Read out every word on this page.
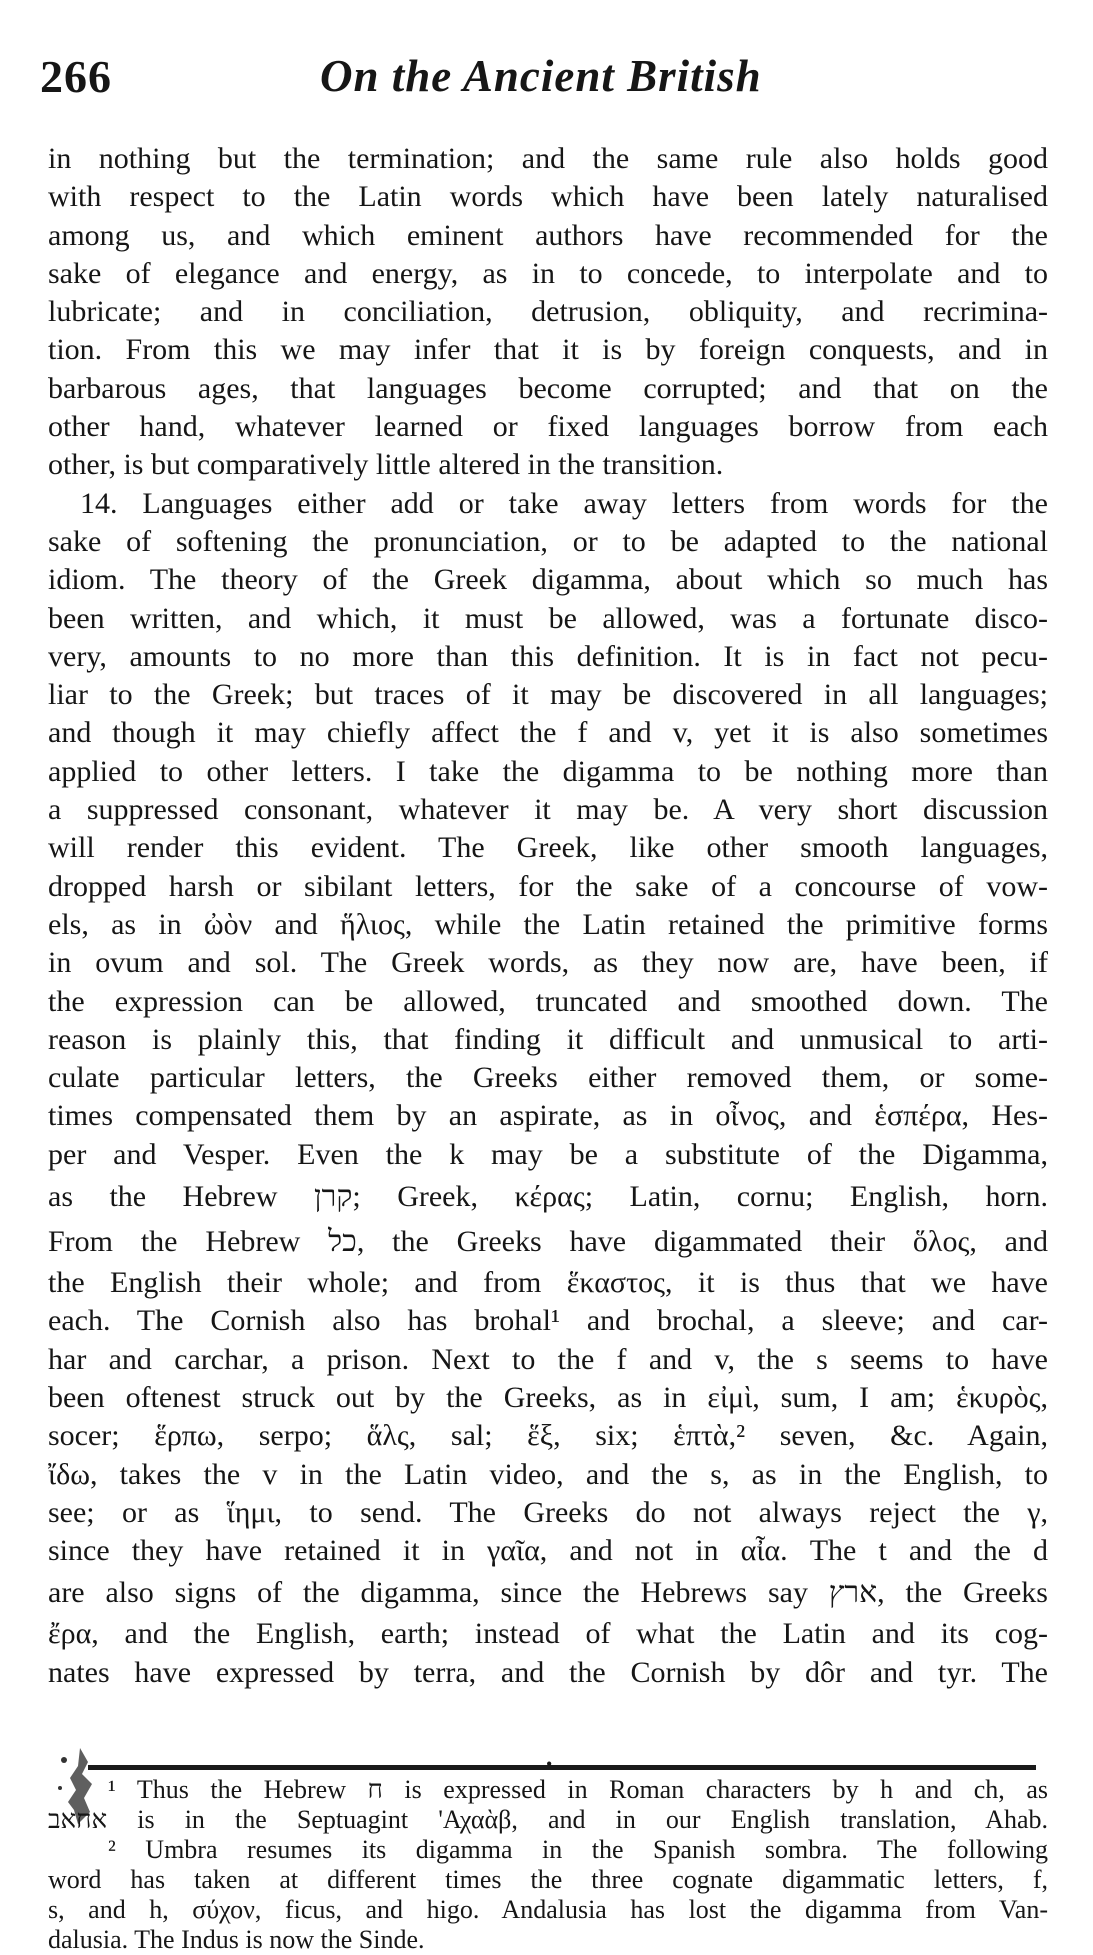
266	On the Ancient British
in nothing but the termination; and the same rule also holds good
with respect to the Latin words which have been lately naturalised
among us, and which eminent authors have recommended for the
sake of elegance and energy, as in to concede, to interpolate and to
lubricate; and in conciliation, detrusion, obliquity, and recrimina-
tion. From this we may infer that it is by foreign conquests, and in
barbarous ages, that languages become corrupted; and that on the
other hand, whatever learned or fixed languages borrow from each
other, is but comparatively little altered in the transition.
14. Languages either add or take away letters from words for the
sake of softening the pronunciation, or to be adapted to the national
idiom. The theory of the Greek digamma, about which so much has
been written, and which, it must be allowed, was a fortunate disco-
very, amounts to no more than this definition. It is in fact not pecu-
liar to the Greek; but traces of it may be discovered in all languages;
and though it may chiefly affect the f and v, yet it is also sometimes
applied to other letters. I take the digamma to be nothing more than
a suppressed consonant, whatever it may be. A very short discussion
will render this evident. The Greek, like other smooth languages,
dropped harsh or sibilant letters, for the sake of a concourse of vow-
els, as in ὠὸν and ἥλιος, while the Latin retained the primitive forms
in ovum and sol. The Greek words, as they now are, have been, if
the expression can be allowed, truncated and smoothed down. The
reason is plainly this, that finding it difficult and unmusical to arti-
culate particular letters, the Greeks either removed them, or some-
times compensated them by an aspirate, as in οἶνος, and ἑσπέρα, Hes-
per and Vesper. Even the k may be a substitute of the Digamma,
as the Hebrew קרן; Greek, κέρας; Latin, cornu; English, horn.
From the Hebrew כל, the Greeks have digammated their ὅλος, and
the English their whole; and from ἕκαστος, it is thus that we have
each. The Cornish also has brohal¹ and brochal, a sleeve; and car-
har and carchar, a prison. Next to the f and v, the s seems to have
been oftenest struck out by the Greeks, as in εἰμὶ, sum, I am; ἑκυρὸς,
socer; ἕρπω, serpo; ἅλς, sal; ἕξ, six; ἑπτὰ,² seven, &c. Again,
ἴδω, takes the v in the Latin video, and the s, as in the English, to
see; or as ἵημι, to send. The Greeks do not always reject the γ,
since they have retained it in γαῖα, and not in αἶα. The t and the d
are also signs of the digamma, since the Hebrews say ארץ, the Greeks
ἔρα, and the English, earth; instead of what the Latin and its cog-
nates have expressed by terra, and the Cornish by dôr and tyr. The
•
¹ Thus the Hebrew ח is expressed in Roman characters by h and ch, as
אחאב is in the Septuagint 'Αχαὰβ, and in our English translation, Ahab.
² Umbra resumes its digamma in the Spanish sombra. The following
word has taken at different times the three cognate digammatic letters, f,
s, and h, σύχον, ficus, and higo. Andalusia has lost the digamma from Van-
dalusia. The Indus is now the Sinde.
